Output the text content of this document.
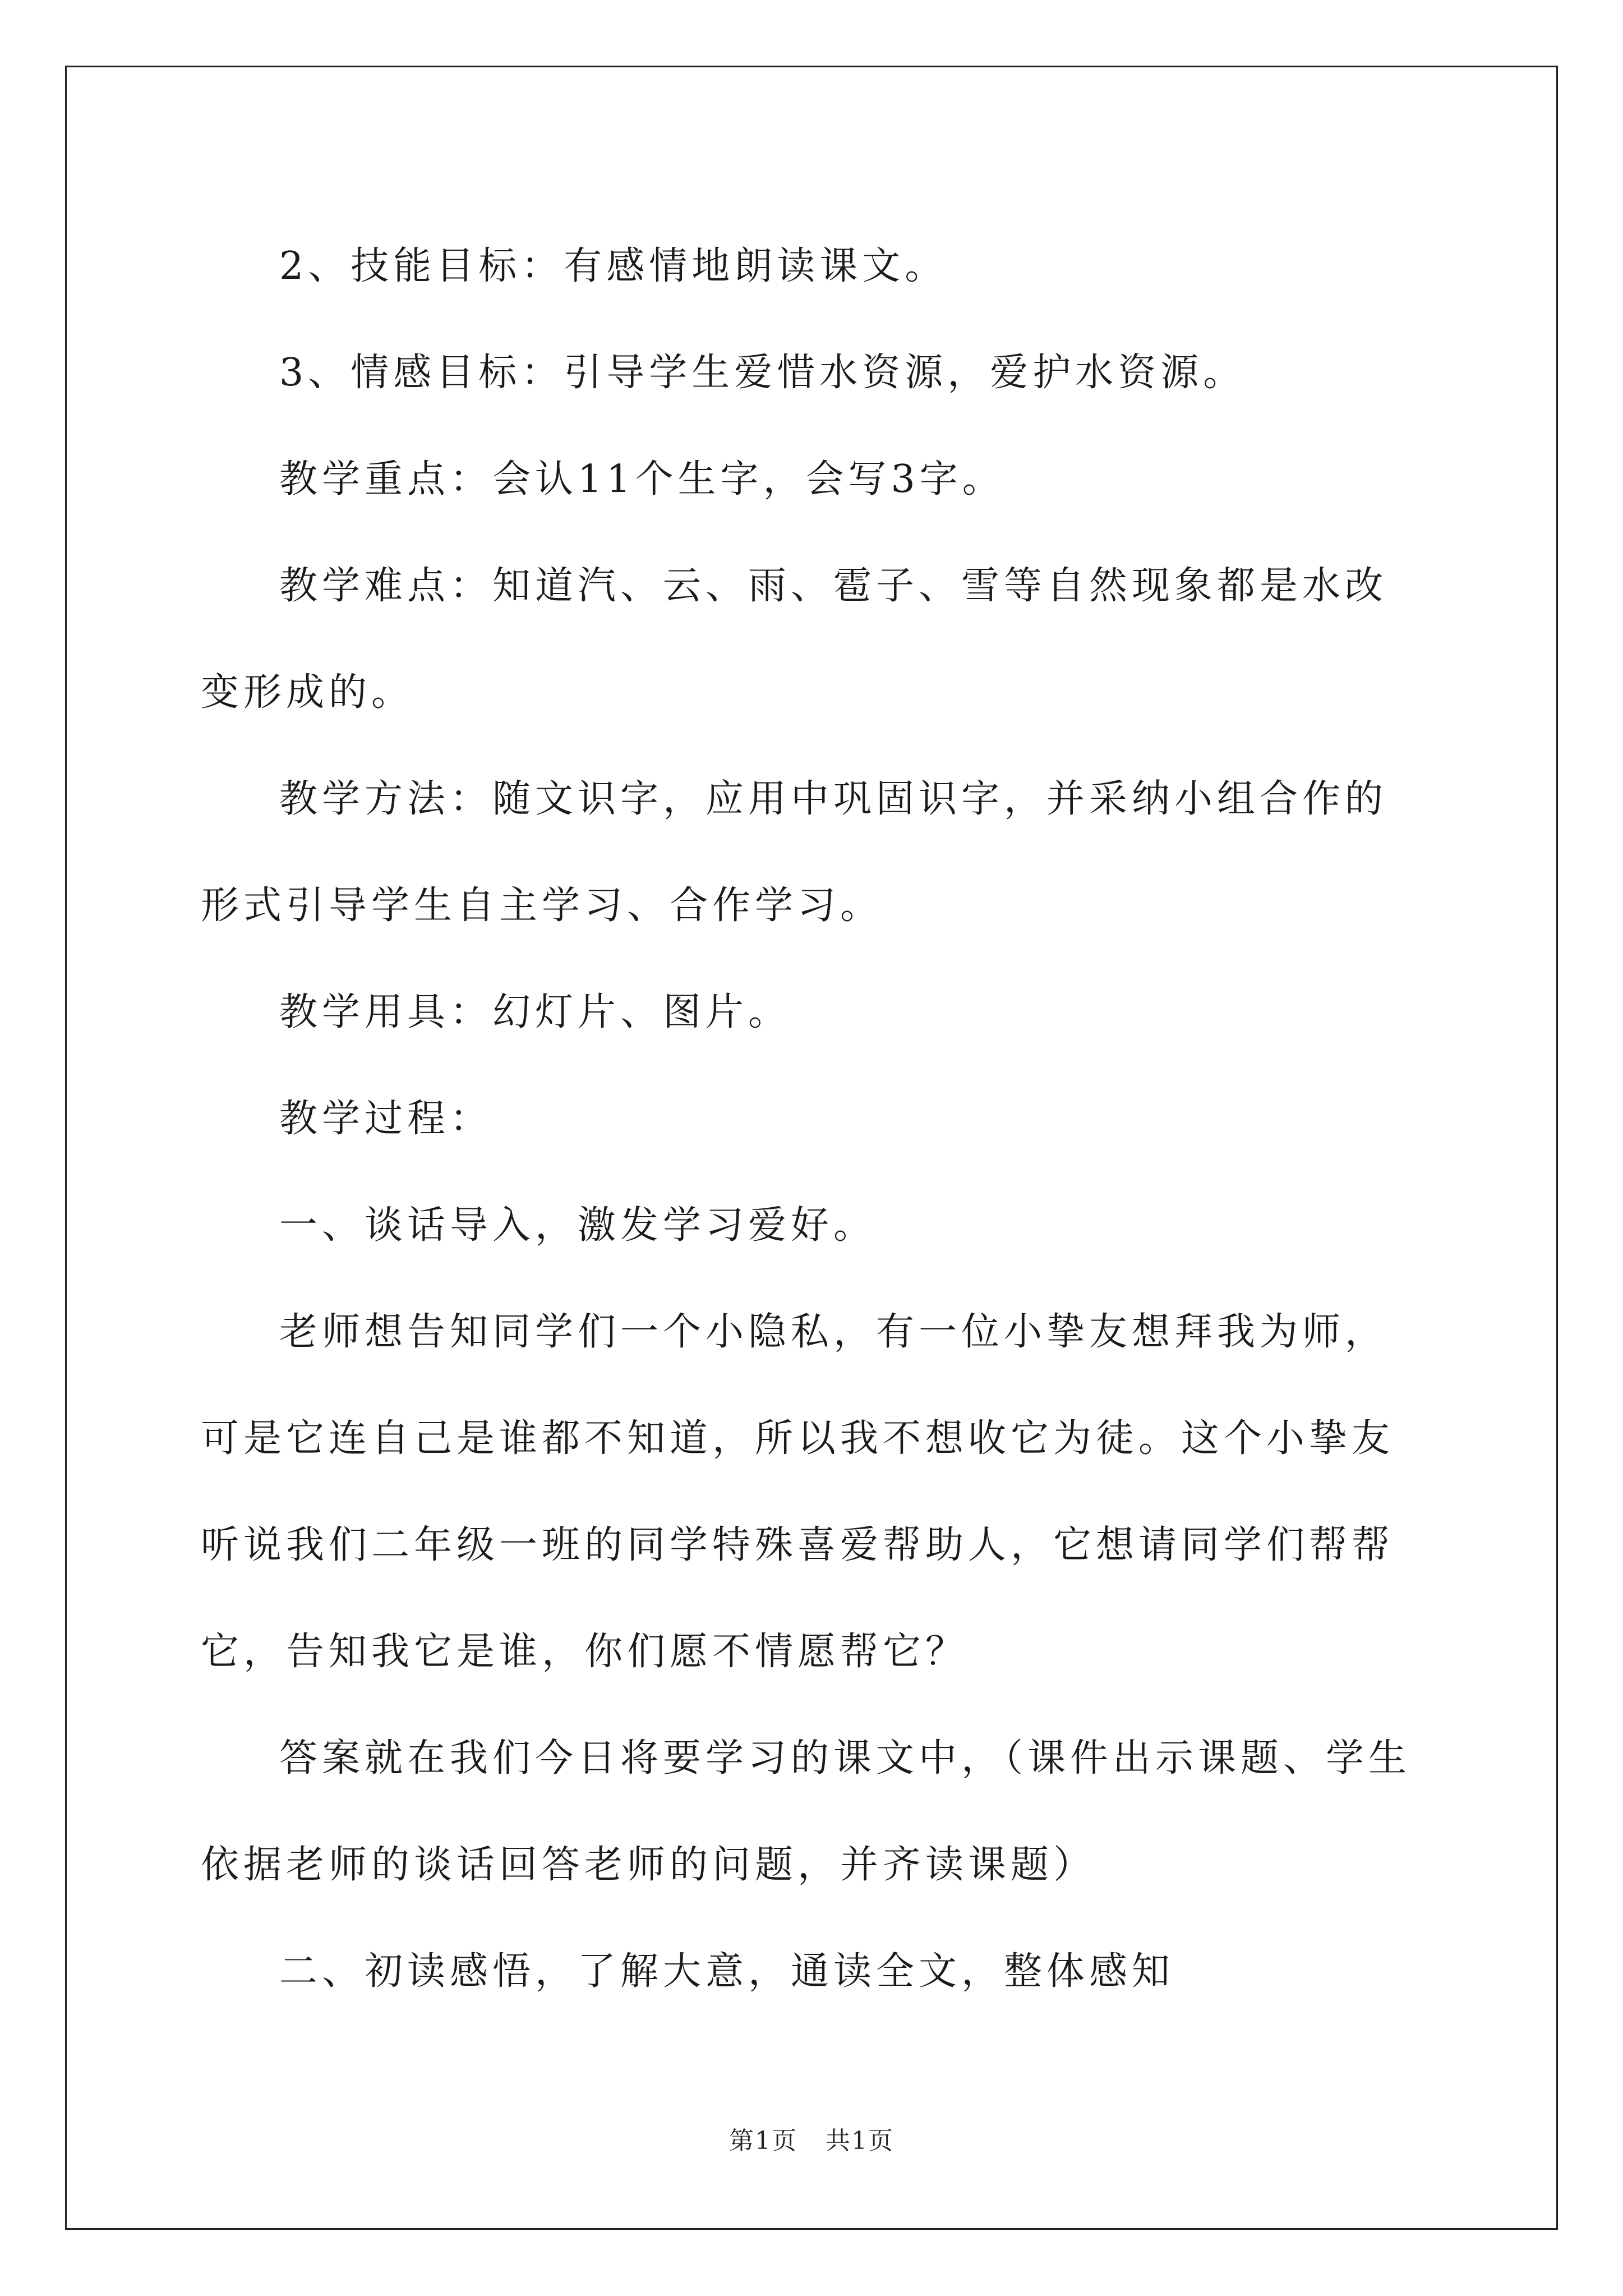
2、技能目标：有感情地朗读课文。

3、情感目标：引导学生爱惜水资源，爱护水资源。

教学重点：会认11个生字，会写3字。

教学难点：知道汽、云、雨、雹子、雪等自然现象都是水改变形成的。

教学方法：随文识字，应用中巩固识字，并采纳小组合作的形式引导学生自主学习、合作学习。

教学用具：幻灯片、图片。

教学过程：

一、谈话导入，激发学习爱好。

老师想告知同学们一个小隐私，有一位小挚友想拜我为师，可是它连自己是谁都不知道，所以我不想收它为徒。这个小挚友听说我们二年级一班的同学特殊喜爱帮助人，它想请同学们帮帮它，告知我它是谁，你们愿不情愿帮它？

答案就在我们今日将要学习的课文中，（课件出示课题、学生依据老师的谈话回答老师的问题，并齐读课题）

二、初读感悟，了解大意，通读全文，整体感知

第1页 共1页
